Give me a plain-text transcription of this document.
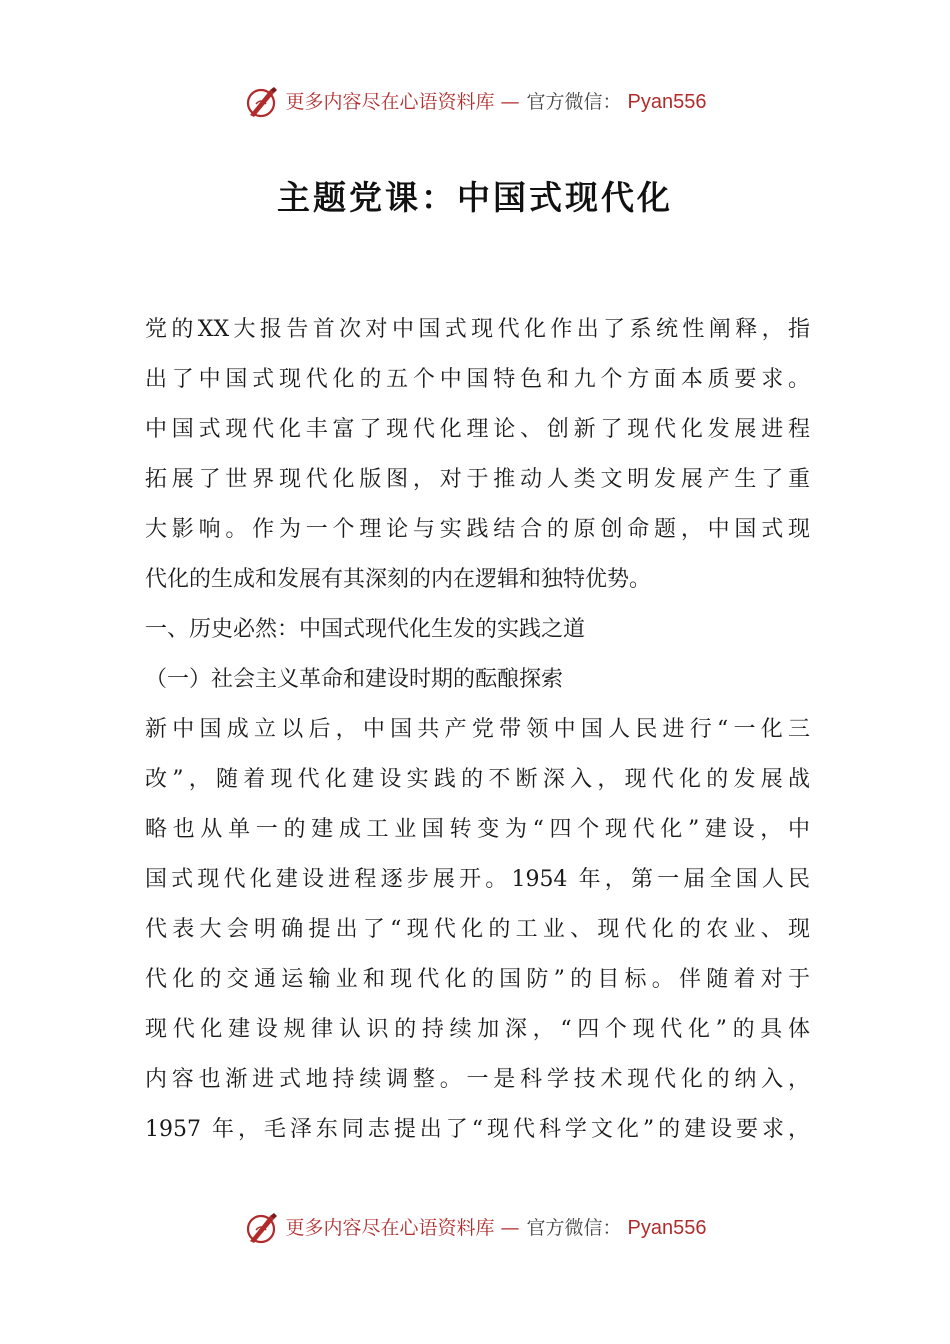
更多内容尽在心语资料库 — 官方微信： Pyan556
主题党课：中国式现代化
党的XX大报告首次对中国式现代化作出了系统性阐释，指
出了中国式现代化的五个中国特色和九个方面本质要求。
中国式现代化丰富了现代化理论、创新了现代化发展进程
拓展了世界现代化版图，对于推动人类文明发展产生了重
大影响。作为一个理论与实践结合的原创命题，中国式现
代化的生成和发展有其深刻的内在逻辑和独特优势。
一、历史必然：中国式现代化生发的实践之道
（一）社会主义革命和建设时期的酝酿探索
新中国成立以后，中国共产党带领中国人民进行“一化三
改”，随着现代化建设实践的不断深入，现代化的发展战
略也从单一的建成工业国转变为“四个现代化”建设，中
国式现代化建设进程逐步展开。1954 年，第一届全国人民
代表大会明确提出了“现代化的工业、现代化的农业、现
代化的交通运输业和现代化的国防”的目标。伴随着对于
现代化建设规律认识的持续加深，“四个现代化”的具体
内容也渐进式地持续调整。一是科学技术现代化的纳入，
1957 年，毛泽东同志提出了“现代科学文化”的建设要求，
更多内容尽在心语资料库 — 官方微信： Pyan556
